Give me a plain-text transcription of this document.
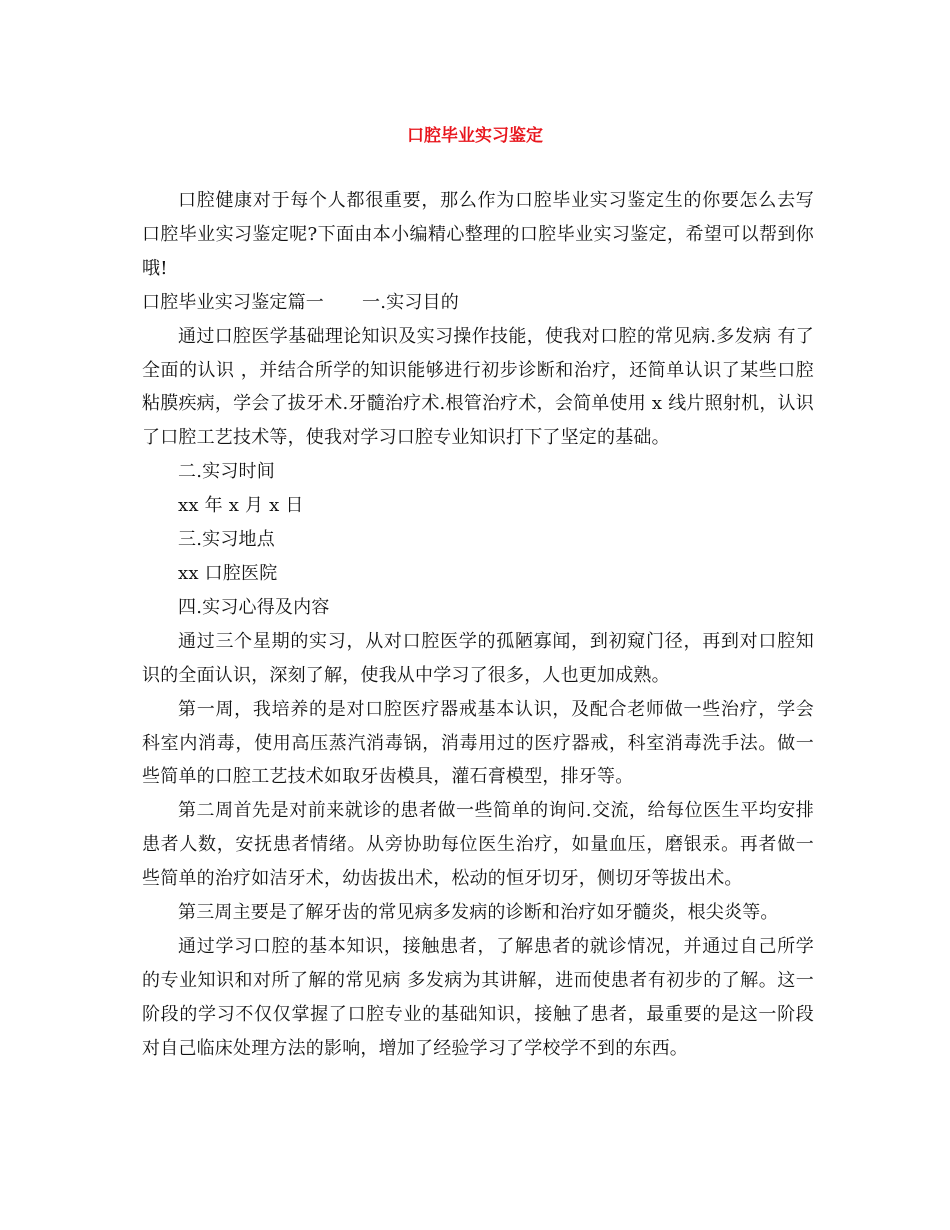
口腔毕业实习鉴定

口腔健康对于每个人都很重要，那么作为口腔毕业实习鉴定生的你要怎么去写口腔毕业实习鉴定呢?下面由本小编精心整理的口腔毕业实习鉴定，希望可以帮到你哦!

口腔毕业实习鉴定篇一 一.实习目的

通过口腔医学基础理论知识及实习操作技能，使我对口腔的常见病.多发病 有了全面的认识 ，并结合所学的知识能够进行初步诊断和治疗，还简单认识了某些口腔粘膜疾病，学会了拔牙术.牙髓治疗术.根管治疗术，会简单使用 x 线片照射机，认识了口腔工艺技术等，使我对学习口腔专业知识打下了坚定的基础。

二.实习时间

xx 年 x 月 x 日

三.实习地点

xx 口腔医院

四.实习心得及内容

通过三个星期的实习，从对口腔医学的孤陋寡闻，到初窥门径，再到对口腔知识的全面认识，深刻了解，使我从中学习了很多，人也更加成熟。

第一周，我培养的是对口腔医疗器戒基本认识，及配合老师做一些治疗，学会科室内消毒，使用高压蒸汽消毒锅，消毒用过的医疗器戒，科室消毒洗手法。做一些简单的口腔工艺技术如取牙齿模具，灌石膏模型，排牙等。

第二周首先是对前来就诊的患者做一些简单的询问.交流，给每位医生平均安排患者人数，安抚患者情绪。从旁协助每位医生治疗，如量血压，磨银汞。再者做一些简单的治疗如洁牙术，幼齿拔出术，松动的恒牙切牙，侧切牙等拔出术。

第三周主要是了解牙齿的常见病多发病的诊断和治疗如牙髓炎，根尖炎等。

通过学习口腔的基本知识，接触患者，了解患者的就诊情况，并通过自己所学的专业知识和对所了解的常见病 多发病为其讲解，进而使患者有初步的了解。这一阶段的学习不仅仅掌握了口腔专业的基础知识，接触了患者，最重要的是这一阶段对自己临床处理方法的影响，增加了经验学习了学校学不到的东西。
